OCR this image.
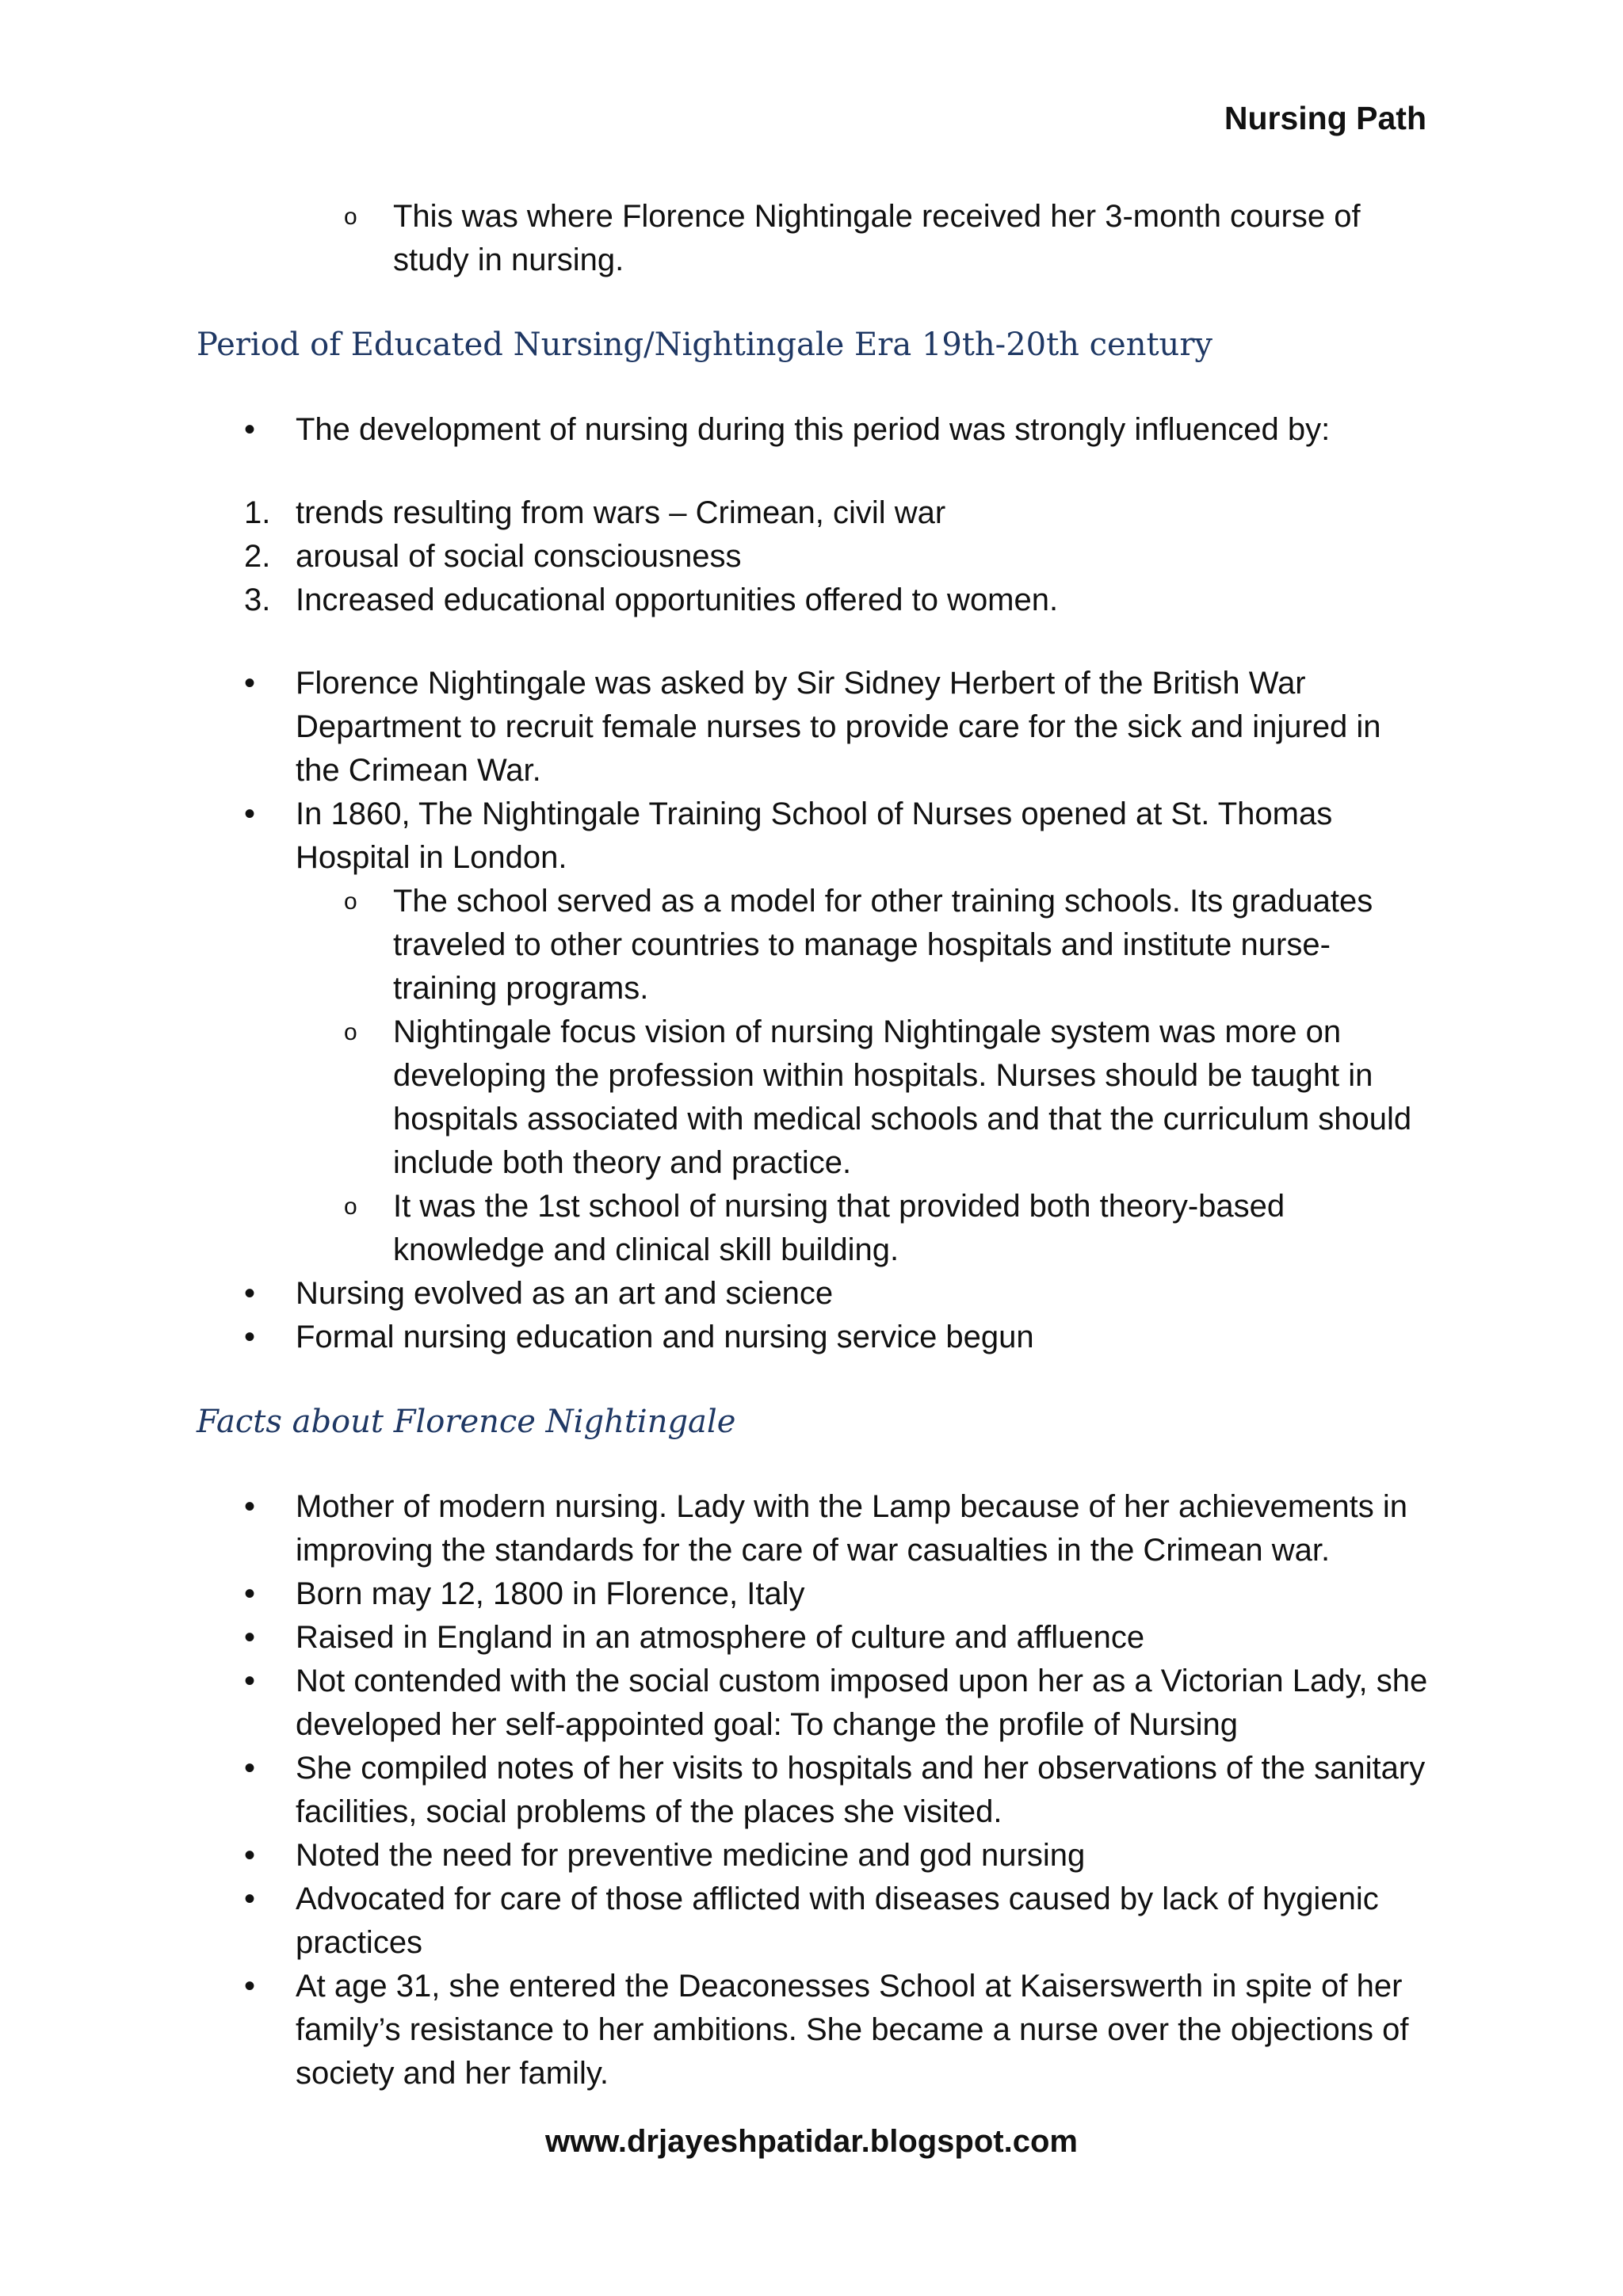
Nursing Path
o This was where Florence Nightingale received her 3-month course of study in nursing.
Period of Educated Nursing/Nightingale Era 19th-20th century
• The development of nursing during this period was strongly influenced by:
1. trends resulting from wars – Crimean, civil war
2. arousal of social consciousness
3. Increased educational opportunities offered to women.
• Florence Nightingale was asked by Sir Sidney Herbert of the British War Department to recruit female nurses to provide care for the sick and injured in the Crimean War.
• In 1860, The Nightingale Training School of Nurses opened at St. Thomas Hospital in London.
o The school served as a model for other training schools. Its graduates traveled to other countries to manage hospitals and institute nurse-training programs.
o Nightingale focus vision of nursing Nightingale system was more on developing the profession within hospitals. Nurses should be taught in hospitals associated with medical schools and that the curriculum should include both theory and practice.
o It was the 1st school of nursing that provided both theory-based knowledge and clinical skill building.
• Nursing evolved as an art and science
• Formal nursing education and nursing service begun
Facts about Florence Nightingale
• Mother of modern nursing. Lady with the Lamp because of her achievements in improving the standards for the care of war casualties in the Crimean war.
• Born may 12, 1800 in Florence, Italy
• Raised in England in an atmosphere of culture and affluence
• Not contended with the social custom imposed upon her as a Victorian Lady, she developed her self-appointed goal: To change the profile of Nursing
• She compiled notes of her visits to hospitals and her observations of the sanitary facilities, social problems of the places she visited.
• Noted the need for preventive medicine and god nursing
• Advocated for care of those afflicted with diseases caused by lack of hygienic practices
• At age 31, she entered the Deaconesses School at Kaiserswerth in spite of her family’s resistance to her ambitions. She became a nurse over the objections of society and her family.
www.drjayeshpatidar.blogspot.com
